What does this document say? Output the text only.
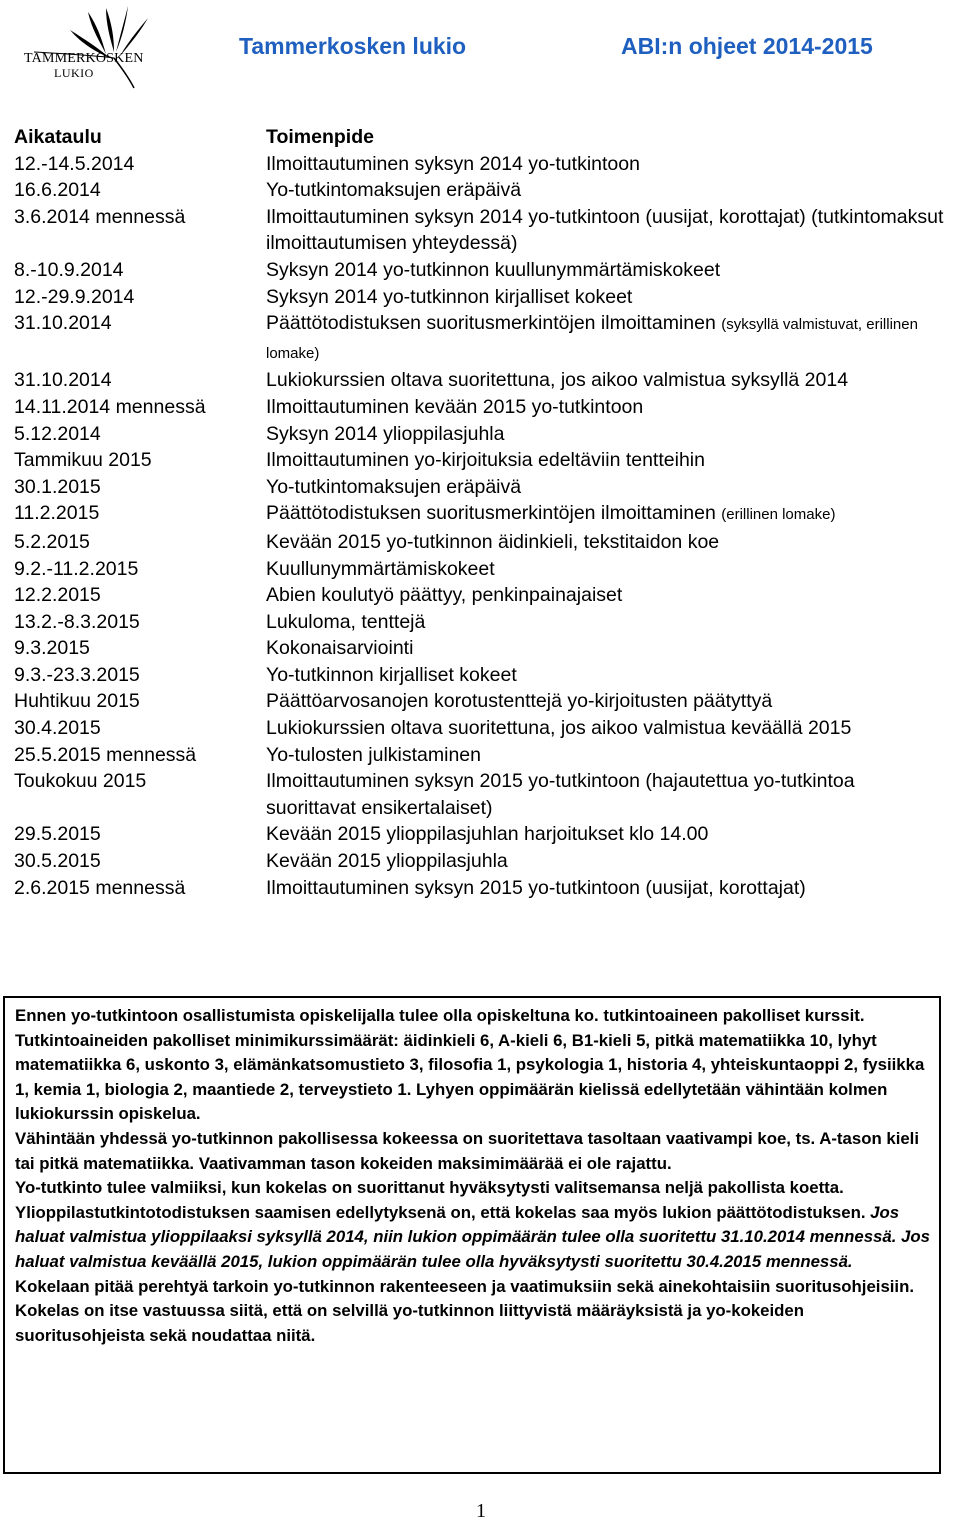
TAMMERKOSKEN
LUKIO
Tammerkosken lukio	ABI:n ohjeet 2014-2015
Aikataulu	Toimenpide
12.-14.5.2014	Ilmoittautuminen syksyn 2014 yo-tutkintoon
16.6.2014	Yo-tutkintomaksujen eräpäivä
3.6.2014 mennessä	Ilmoittautuminen syksyn 2014 yo-tutkintoon (uusijat, korottajat) (tutkintomaksut ilmoittautumisen yhteydessä)
8.-10.9.2014	Syksyn 2014 yo-tutkinnon kuullunymmärtämiskokeet
12.-29.9.2014	Syksyn 2014 yo-tutkinnon kirjalliset kokeet
31.10.2014	Päättötodistuksen suoritusmerkintöjen ilmoittaminen (syksyllä valmistuvat, erillinen lomake)
31.10.2014	Lukiokurssien oltava suoritettuna, jos aikoo valmistua syksyllä 2014
14.11.2014 mennessä	Ilmoittautuminen kevään 2015 yo-tutkintoon
5.12.2014	Syksyn 2014 ylioppilasjuhla
Tammikuu 2015	Ilmoittautuminen yo-kirjoituksia edeltäviin tentteihin
30.1.2015	Yo-tutkintomaksujen eräpäivä
11.2.2015	Päättötodistuksen suoritusmerkintöjen ilmoittaminen (erillinen lomake)
5.2.2015	Kevään 2015 yo-tutkinnon äidinkieli, tekstitaidon koe
9.2.-11.2.2015	Kuullunymmärtämiskokeet
12.2.2015	Abien koulutyö päättyy, penkinpainajaiset
13.2.-8.3.2015	Lukuloma, tenttejä
9.3.2015	Kokonaisarviointi
9.3.-23.3.2015	Yo-tutkinnon kirjalliset kokeet
Huhtikuu 2015	Päättöarvosanojen korotustenttejä yo-kirjoitusten päätyttyä
30.4.2015	Lukiokurssien oltava suoritettuna, jos aikoo valmistua keväällä 2015
25.5.2015 mennessä	Yo-tulosten julkistaminen
Toukokuu 2015	Ilmoittautuminen syksyn 2015 yo-tutkintoon (hajautettua yo-tutkintoa suorittavat ensikertalaiset)
29.5.2015	Kevään 2015 ylioppilasjuhlan harjoitukset klo 14.00
30.5.2015	Kevään 2015 ylioppilasjuhla
2.6.2015 mennessä	Ilmoittautuminen syksyn 2015 yo-tutkintoon (uusijat, korottajat)

Ennen yo-tutkintoon osallistumista opiskelijalla tulee olla opiskeltuna ko. tutkintoaineen pakolliset kurssit.

Tutkintoaineiden pakolliset minimikurssimäärät: äidinkieli 6, A-kieli 6, B1-kieli 5, pitkä matematiikka 10, lyhyt matematiikka 6, uskonto 3, elämänkatsomustieto 3, filosofia 1, psykologia 1, historia 4, yhteiskuntaoppi 2, fysiikka 1, kemia 1, biologia 2, maantiede 2, terveystieto 1. Lyhyen oppimäärän kielissä edellytetään vähintään kolmen lukiokurssin opiskelua.

Vähintään yhdessä yo-tutkinnon pakollisessa kokeessa on suoritettava tasoltaan vaativampi koe, ts. A-tason kieli tai pitkä matematiikka. Vaativamman tason kokeiden maksimimäärää ei ole rajattu.

Yo-tutkinto tulee valmiiksi, kun kokelas on suorittanut hyväksytysti valitsemansa neljä pakollista koetta. Ylioppilastutkintotodistuksen saamisen edellytyksenä on, että kokelas saa myös lukion päättötodistuksen. Jos haluat valmistua ylioppilaaksi syksyllä 2014, niin lukion oppimäärän tulee olla suoritettu 31.10.2014 mennessä. Jos haluat valmistua keväällä 2015, lukion oppimäärän tulee olla hyväksytysti suoritettu 30.4.2015 mennessä.

Kokelaan pitää perehtyä tarkoin yo-tutkinnon rakenteeseen ja vaatimuksiin sekä ainekohtaisiin suoritusohjeisiin.

Kokelas on itse vastuussa siitä, että on selvillä yo-tutkinnon liittyvistä määräyksistä ja yo-kokeiden suoritusohjeista sekä noudattaa niitä.

1
